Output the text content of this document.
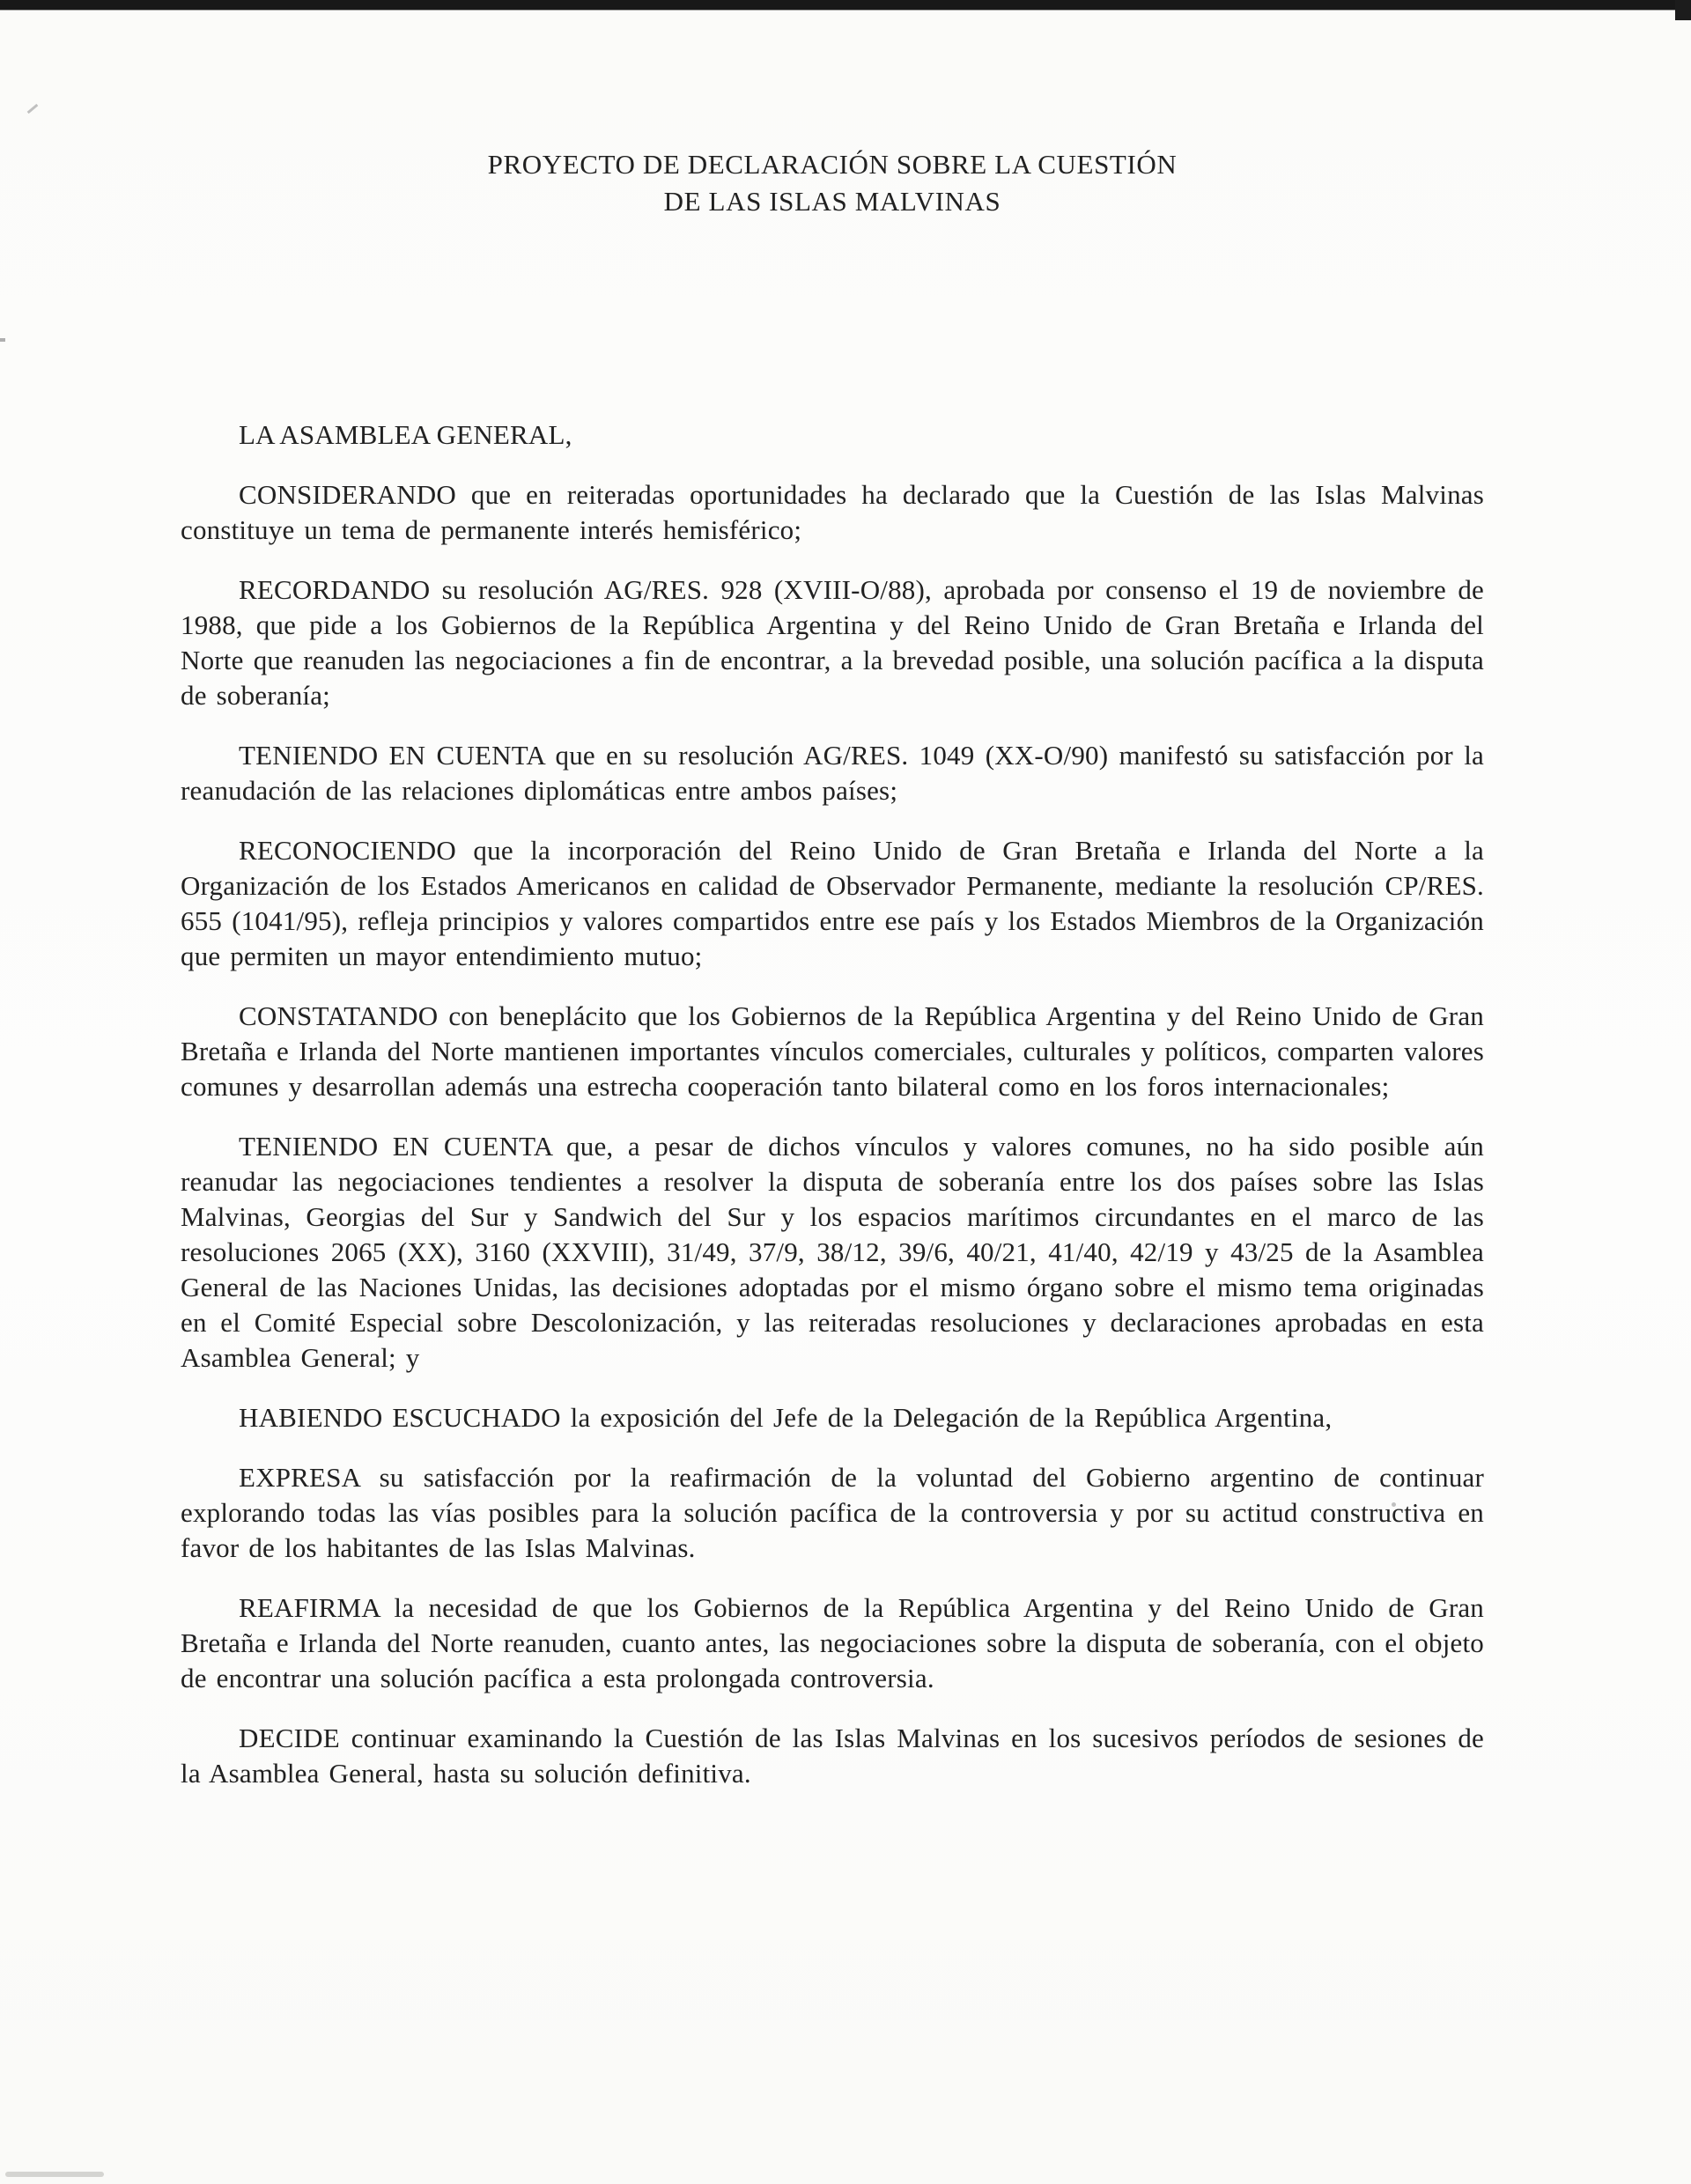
PROYECTO DE DECLARACIÓN SOBRE LA CUESTIÓN
DE LAS ISLAS MALVINAS

LA ASAMBLEA GENERAL,

CONSIDERANDO que en reiteradas oportunidades ha declarado que la Cuestión de las Islas Malvinas constituye un tema de permanente interés hemisférico;

RECORDANDO su resolución AG/RES. 928 (XVIII-O/88), aprobada por consenso el 19 de noviembre de 1988, que pide a los Gobiernos de la República Argentina y del Reino Unido de Gran Bretaña e Irlanda del Norte que reanuden las negociaciones a fin de encontrar, a la brevedad posible, una solución pacífica a la disputa de soberanía;

TENIENDO EN CUENTA que en su resolución AG/RES. 1049 (XX-O/90) manifestó su satisfacción por la reanudación de las relaciones diplomáticas entre ambos países;

RECONOCIENDO que la incorporación del Reino Unido de Gran Bretaña e Irlanda del Norte a la Organización de los Estados Americanos en calidad de Observador Permanente, mediante la resolución CP/RES. 655 (1041/95), refleja principios y valores compartidos entre ese país y los Estados Miembros de la Organización que permiten un mayor entendimiento mutuo;

CONSTATANDO con beneplácito que los Gobiernos de la República Argentina y del Reino Unido de Gran Bretaña e Irlanda del Norte mantienen importantes vínculos comerciales, culturales y políticos, comparten valores comunes y desarrollan además una estrecha cooperación tanto bilateral como en los foros internacionales;

TENIENDO EN CUENTA que, a pesar de dichos vínculos y valores comunes, no ha sido posible aún reanudar las negociaciones tendientes a resolver la disputa de soberanía entre los dos países sobre las Islas Malvinas, Georgias del Sur y Sandwich del Sur y los espacios marítimos circundantes en el marco de las resoluciones 2065 (XX), 3160 (XXVIII), 31/49, 37/9, 38/12, 39/6, 40/21, 41/40, 42/19 y 43/25 de la Asamblea General de las Naciones Unidas, las decisiones adoptadas por el mismo órgano sobre el mismo tema originadas en el Comité Especial sobre Descolonización, y las reiteradas resoluciones y declaraciones aprobadas en esta Asamblea General; y

HABIENDO ESCUCHADO la exposición del Jefe de la Delegación de la República Argentina,

EXPRESA su satisfacción por la reafirmación de la voluntad del Gobierno argentino de continuar explorando todas las vías posibles para la solución pacífica de la controversia y por su actitud constructiva en favor de los habitantes de las Islas Malvinas.

REAFIRMA la necesidad de que los Gobiernos de la República Argentina y del Reino Unido de Gran Bretaña e Irlanda del Norte reanuden, cuanto antes, las negociaciones sobre la disputa de soberanía, con el objeto de encontrar una solución pacífica a esta prolongada controversia.

DECIDE continuar examinando la Cuestión de las Islas Malvinas en los sucesivos períodos de sesiones de la Asamblea General, hasta su solución definitiva.
